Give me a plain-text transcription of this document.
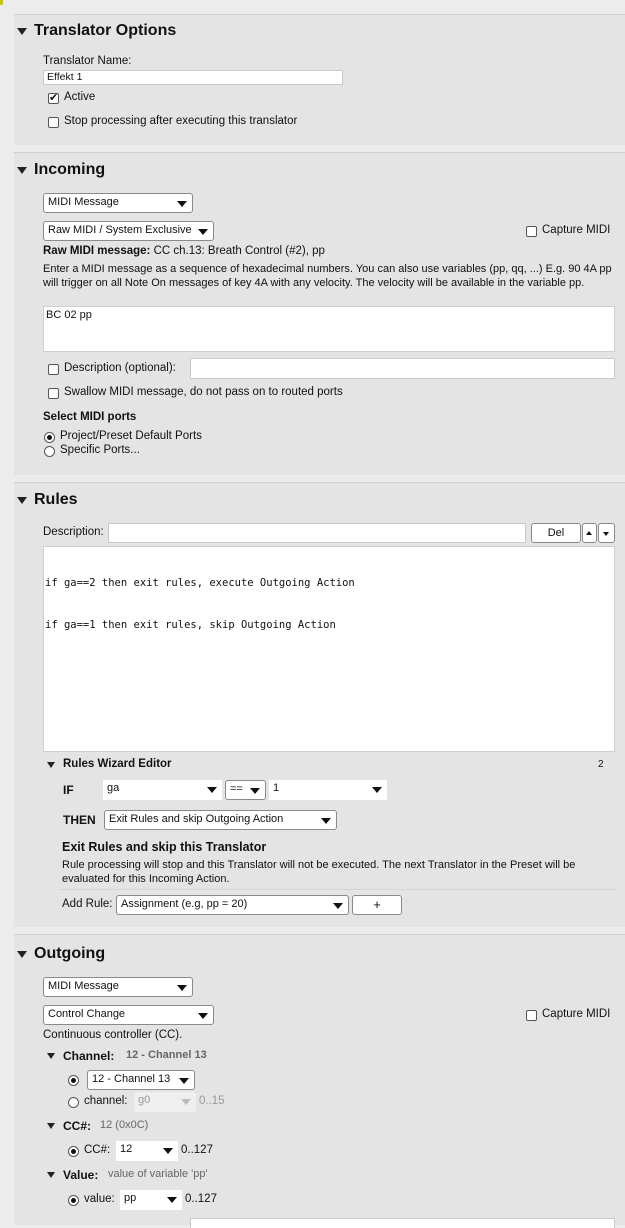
Translator Options
Translator Name:
Effekt 1
✔
Active
Stop processing after executing this translator
Incoming
MIDI Message
Raw MIDI / System Exclusive	Capture MIDI
Raw MIDI message: CC ch.13: Breath Control (#2), pp
Enter a MIDI message as a sequence of hexadecimal numbers. You can also use variables (pp, qq, ...) E.g. 90 4A pp will trigger on all Note On messages of key 4A with any velocity. The velocity will be available in the variable pp.
BC 02 pp
Description (optional):
Swallow MIDI message, do not pass on to routed ports
Select MIDI ports
Project/Preset Default Ports
Specific Ports...
Rules
Description:	Del

if ga==2 then exit rules, execute Outgoing Action

if ga==1 then exit rules, skip Outgoing Action

Rules Wizard Editor	2
IF	ga	==	1
THEN	Exit Rules and skip Outgoing Action
Exit Rules and skip this Translator
Rule processing will stop and this Translator will not be executed. The next Translator in the Preset will be evaluated for this Incoming Action.
Add Rule: Assignment (e.g, pp = 20)	+
Outgoing
MIDI Message
Control Change	Capture MIDI
Continuous controller (CC).
Channel: 12 - Channel 13
12 - Channel 13
channel: g0	0..15
CC#: 12 (0x0C)
CC#: 12	0..127
Value: value of variable 'pp'
value: pp	0..127
